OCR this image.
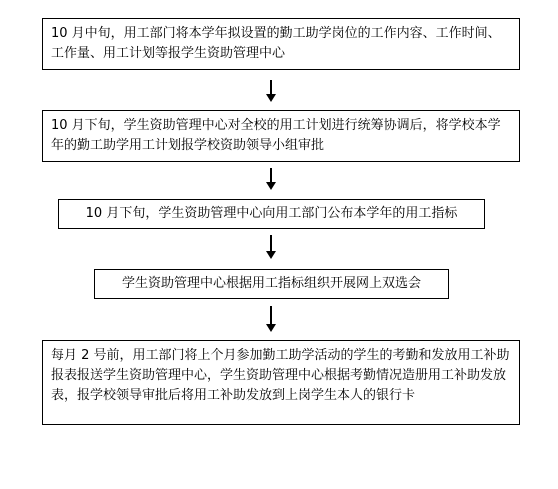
10 月中旬，用工部门将本学年拟设置的勤工助学岗位的工作内容、工作时间、工作量、用工计划等报学生资助管理中心
10 月下旬，学生资助管理中心对全校的用工计划进行统筹协调后，将学校本学年的勤工助学用工计划报学校资助领导小组审批
10 月下旬，学生资助管理中心向用工部门公布本学年的用工指标
学生资助管理中心根据用工指标组织开展网上双选会
每月 2 号前，用工部门将上个月参加勤工助学活动的学生的考勤和发放用工补助报表报送学生资助管理中心，学生资助管理中心根据考勤情况造册用工补助发放表，报学校领导审批后将用工补助发放到上岗学生本人的银行卡
